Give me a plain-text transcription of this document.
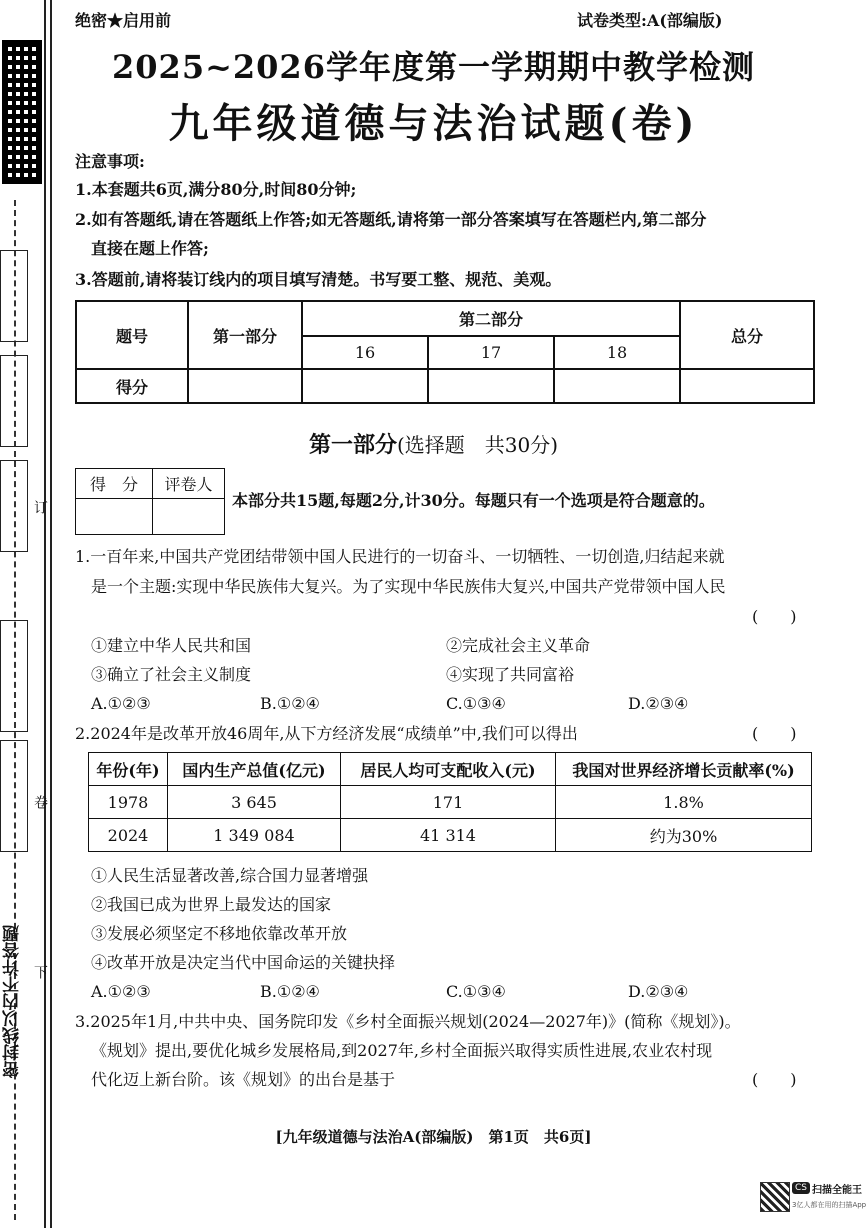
订
卷
下
密封线以内不许答题
绝密★启用前	试卷类型:A(部编版)
2025~2026学年度第一学期期中教学检测
九年级道德与法治试题(卷)
注意事项:
1.本套题共6页,满分80分,时间80分钟;
2.如有答题纸,请在答题纸上作答;如无答题纸,请将第一部分答案填写在答题栏内,第二部分
直接在题上作答;
3.答题前,请将装订线内的项目填写清楚。书写要工整、规范、美观。
题号	第一部分	第二部分			总分
		16	17	18	
得分					
第一部分(选择题　共30分)
得　分	评卷人

本部分共15题,每题2分,计30分。每题只有一个选项是符合题意的。
1.一百年来,中国共产党团结带领中国人民进行的一切奋斗、一切牺牲、一切创造,归结起来就
是一个主题:实现中华民族伟大复兴。为了实现中华民族伟大复兴,中国共产党带领中国人民
(　　)
①建立中华人民共和国	②完成社会主义革命
③确立了社会主义制度	④实现了共同富裕
A.①②③	B.①②④	C.①③④	D.②③④
2.2024年是改革开放46周年,从下方经济发展“成绩单”中,我们可以得出	(　　)
年份(年)	国内生产总值(亿元)	居民人均可支配收入(元)	我国对世界经济增长贡献率(%)
1978	3 645	171	1.8%
2024	1 349 084	41 314	约为30%
①人民生活显著改善,综合国力显著增强
②我国已成为世界上最发达的国家
③发展必须坚定不移地依靠改革开放
④改革开放是决定当代中国命运的关键抉择
A.①②③	B.①②④	C.①③④	D.②③④
3.2025年1月,中共中央、国务院印发《乡村全面振兴规划(2024—2027年)》(简称《规划》)。
《规划》提出,要优化城乡发展格局,到2027年,乡村全面振兴取得实质性进展,农业农村现
代化迈上新台阶。该《规划》的出台是基于	(　　)
[九年级道德与法治A(部编版)　第1页　共6页]
CS 扫描全能王
3亿人都在用的扫描App
